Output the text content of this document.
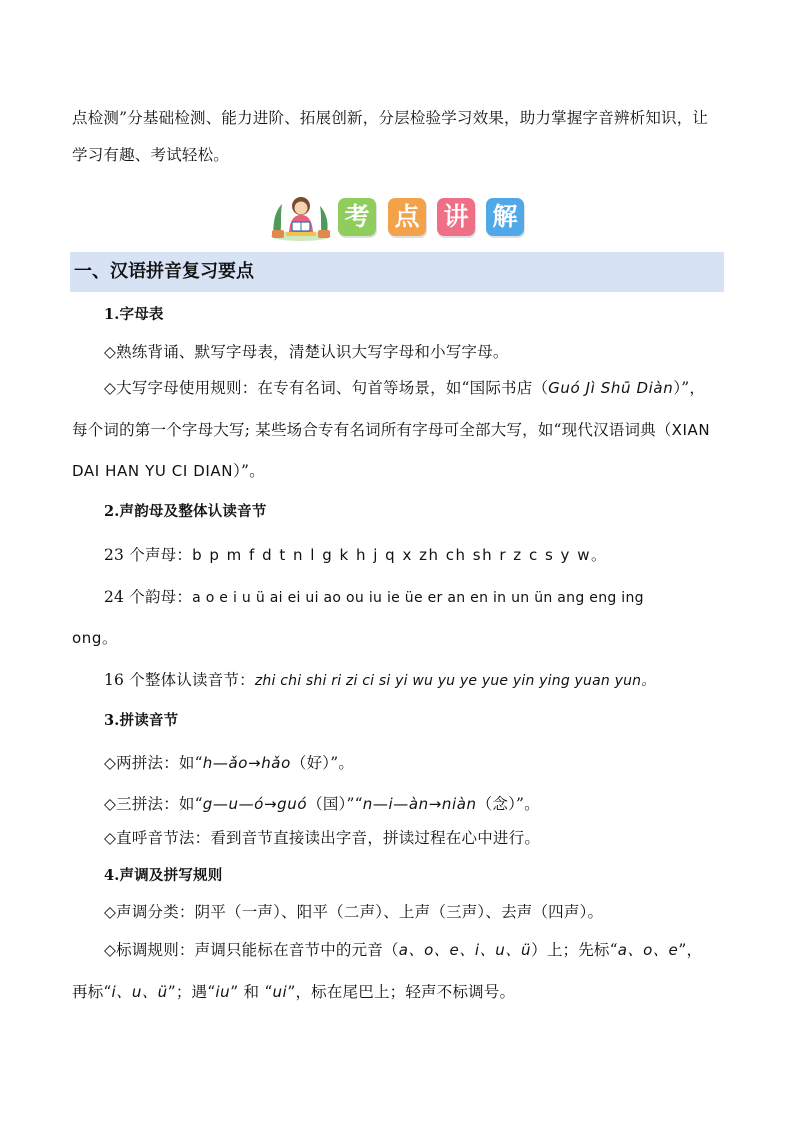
点检测”分基础检测、能力进阶、拓展创新，分层检验学习效果，助力掌握字音辨析知识，让
学习有趣、考试轻松。
考 点 讲 解
一、汉语拼音复习要点
1.字母表
◇熟练背诵、默写字母表，清楚认识大写字母和小写字母。
◇大写字母使用规则：在专有名词、句首等场景，如“国际书店（Guó Jì Shū Diàn）”，
每个词的第一个字母大写; 某些场合专有名词所有字母可全部大写，如“现代汉语词典（XIAN
DAI HAN YU CI DIAN）”。
2.声韵母及整体认读音节
23 个声母：b p m f d t n l g k h j q x zh ch sh r z c s y w。
24 个韵母：a o e i u ü ai ei ui ao ou iu ie üe er an en in un ün ang eng ing
ong。
16 个整体认读音节：zhi chi shi ri zi ci si yi wu yu ye yue yin ying yuan yun。
3.拼读音节
◇两拼法：如“h—ǎo→hǎo（好）”。
◇三拼法：如“g—u—ó→guó（国）”“n—i—àn→niàn（念）”。
◇直呼音节法：看到音节直接读出字音，拼读过程在心中进行。
4.声调及拼写规则
◇声调分类：阴平（一声）、阳平（二声）、上声（三声）、去声（四声）。
◇标调规则：声调只能标在音节中的元音（a、o、e、i、u、ü）上；先标“a、o、e”，
再标“i、u、ü”；遇“iu” 和 “ui”，标在尾巴上；轻声不标调号。
